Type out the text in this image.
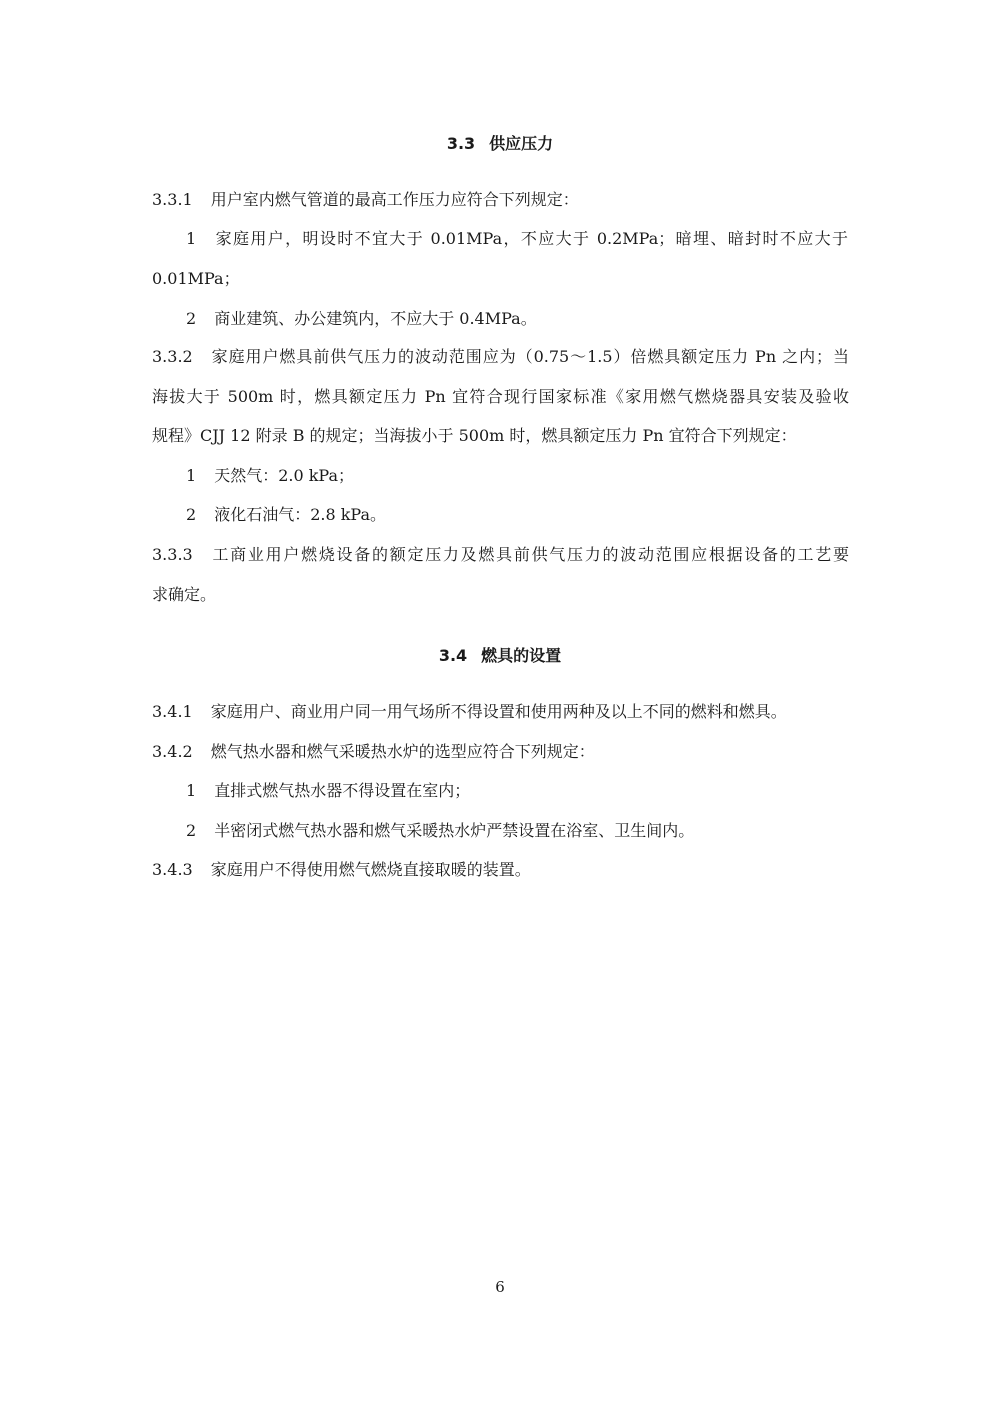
3.3 供应压力
3.3.1 用户室内燃气管道的最高工作压力应符合下列规定：
1 家庭用户，明设时不宜大于 0.01MPa，不应大于 0.2MPa；暗埋、暗封时不应大于
0.01MPa；
2 商业建筑、办公建筑内，不应大于 0.4MPa。
3.3.2 家庭用户燃具前供气压力的波动范围应为（0.75～1.5）倍燃具额定压力 Pn 之内；当
海拔大于 500m 时，燃具额定压力 Pn 宜符合现行国家标准《家用燃气燃烧器具安装及验收
规程》CJJ 12 附录 B 的规定；当海拔小于 500m 时，燃具额定压力 Pn 宜符合下列规定：
1 天然气：2.0 kPa；
2 液化石油气：2.8 kPa。
3.3.3 工商业用户燃烧设备的额定压力及燃具前供气压力的波动范围应根据设备的工艺要
求确定。
3.4 燃具的设置
3.4.1 家庭用户、商业用户同一用气场所不得设置和使用两种及以上不同的燃料和燃具。
3.4.2 燃气热水器和燃气采暖热水炉的选型应符合下列规定：
1 直排式燃气热水器不得设置在室内；
2 半密闭式燃气热水器和燃气采暖热水炉严禁设置在浴室、卫生间内。
3.4.3 家庭用户不得使用燃气燃烧直接取暖的装置。
6
